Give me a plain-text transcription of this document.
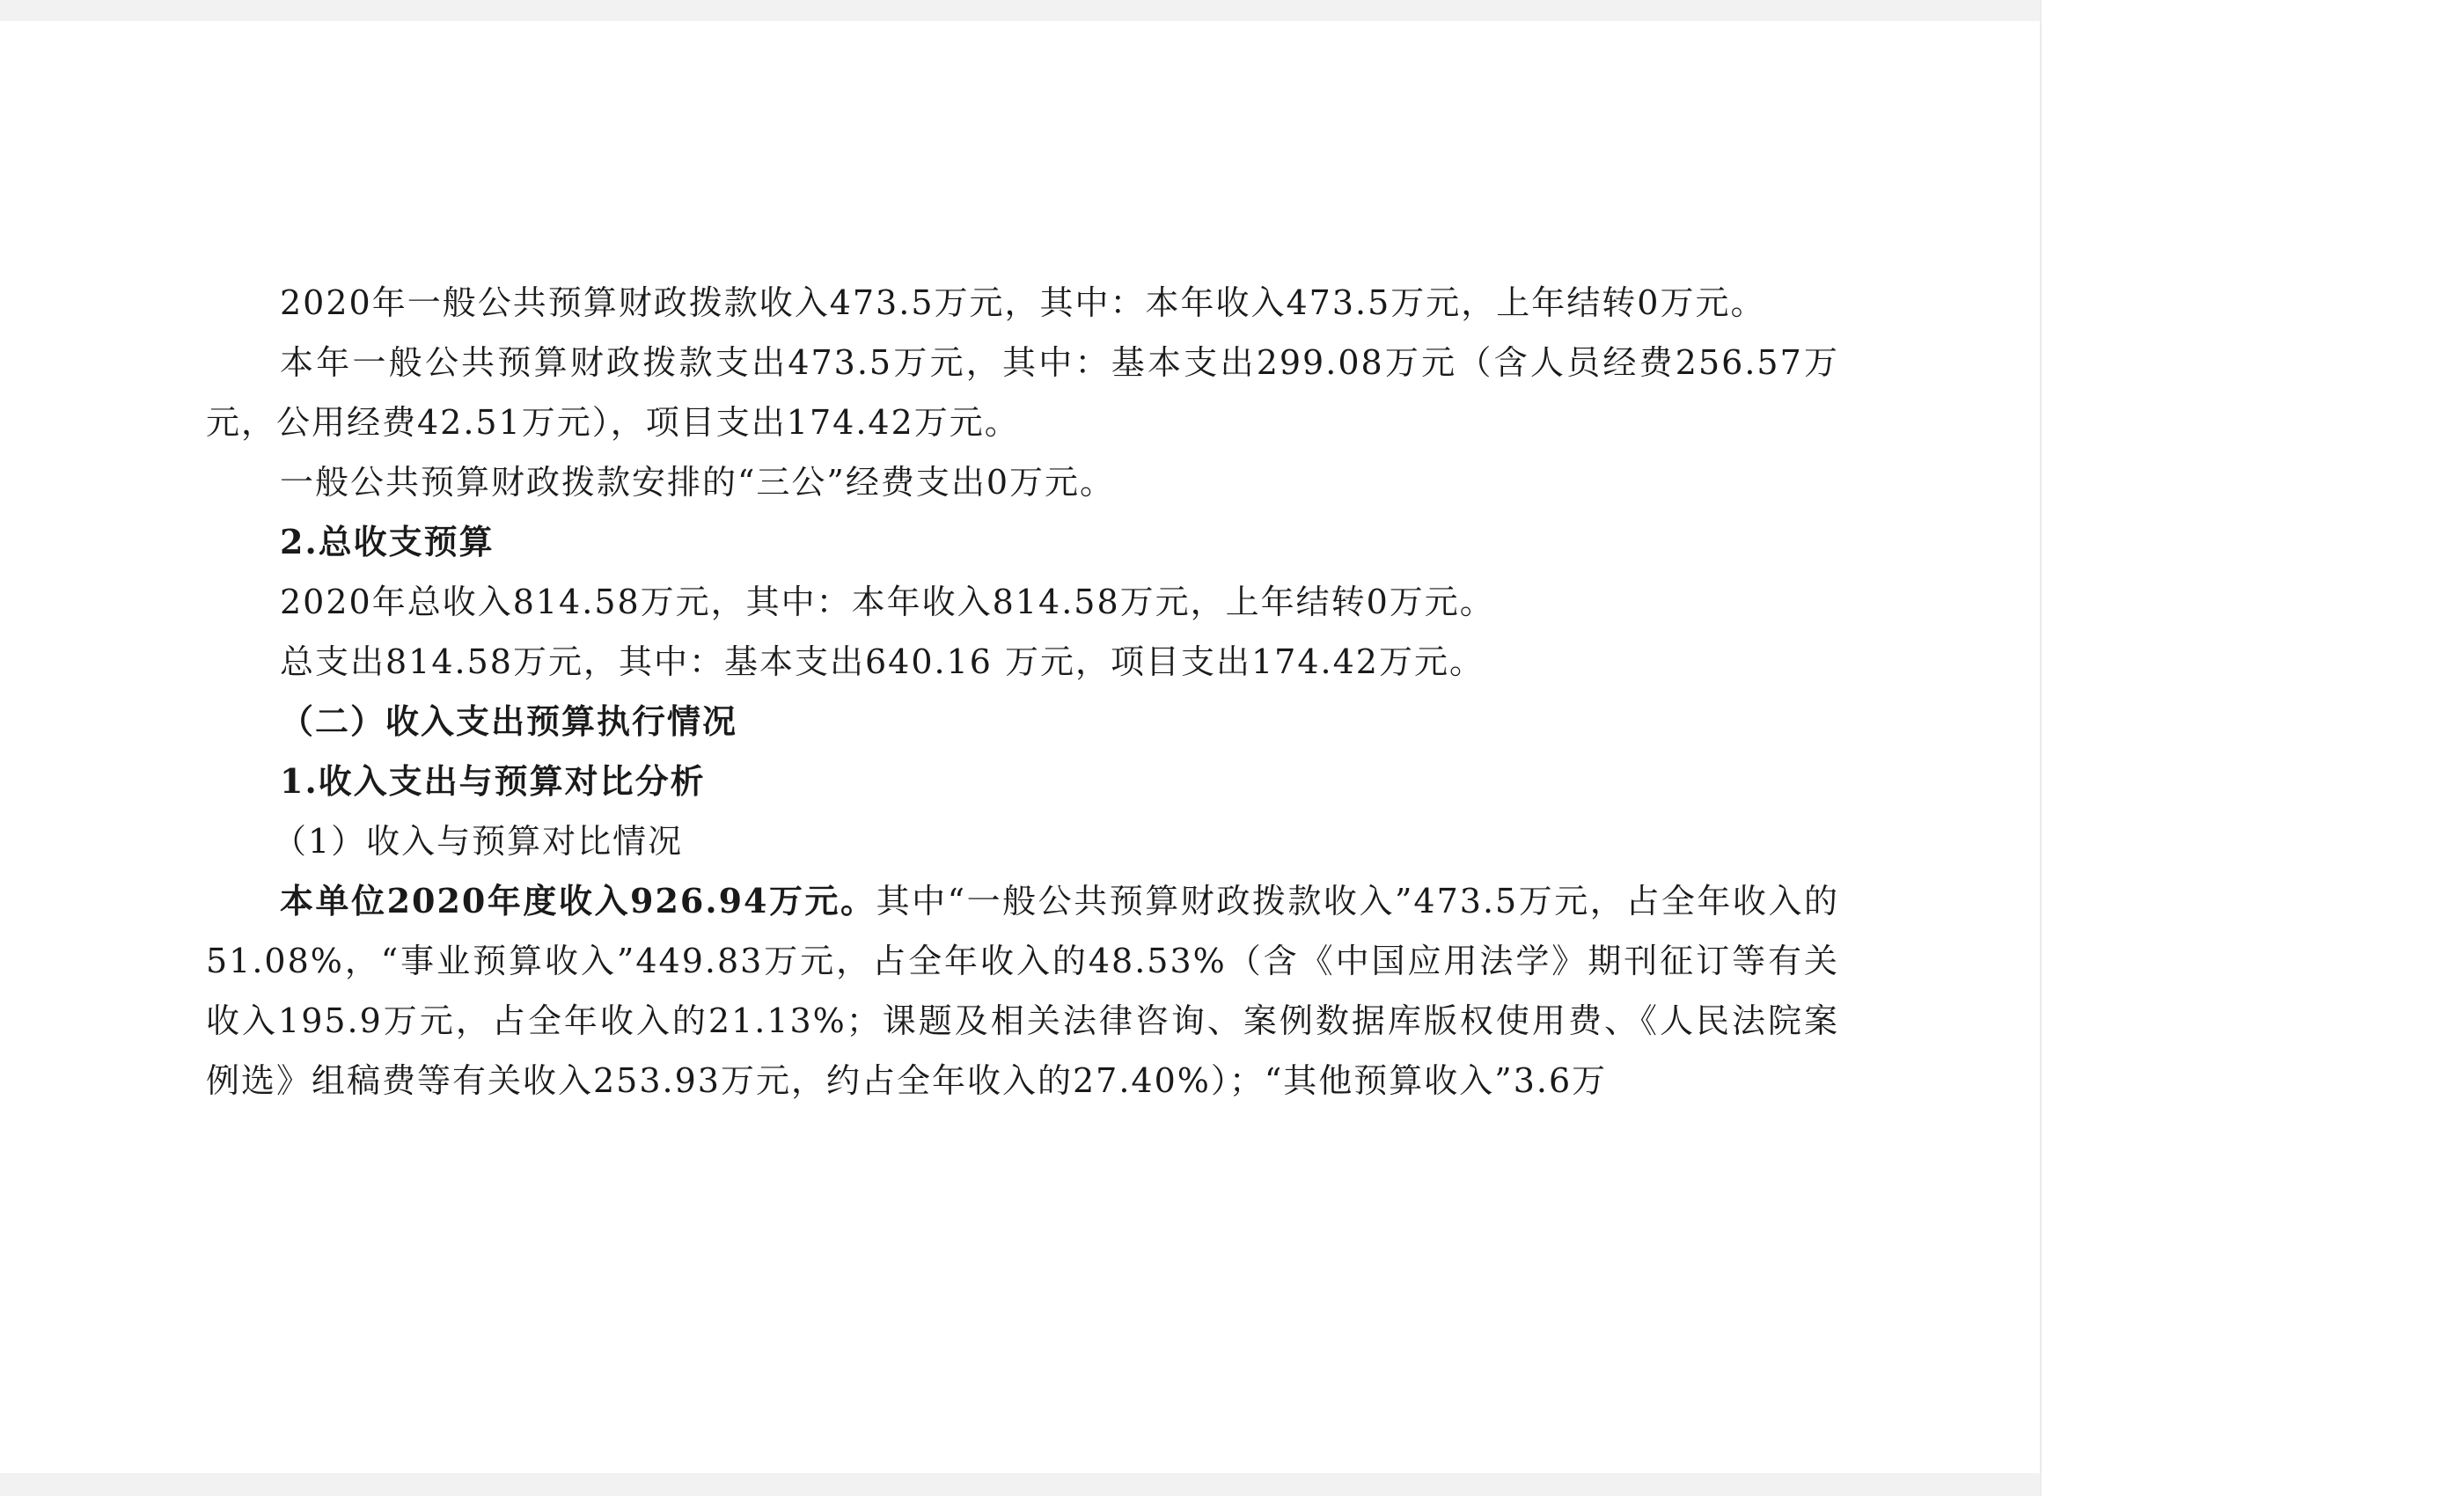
2020年一般公共预算财政拨款收入473.5万元，其中：本年收入473.5万元，上年结转0万元。

本年一般公共预算财政拨款支出473.5万元，其中：基本支出299.08万元（含人员经费256.57万元，公用经费42.51万元），项目支出174.42万元。

一般公共预算财政拨款安排的“三公”经费支出0万元。

2.总收支预算

2020年总收入814.58万元，其中：本年收入814.58万元，上年结转0万元。

总支出814.58万元，其中：基本支出640.16 万元，项目支出174.42万元。

（二）收入支出预算执行情况

1.收入支出与预算对比分析

（1）收入与预算对比情况

本单位2020年度收入926.94万元。其中“一般公共预算财政拨款收入”473.5万元，占全年收入的51.08%，“事业预算收入”449.83万元，占全年收入的48.53%（含《中国应用法学》期刊征订等有关收入195.9万元，占全年收入的21.13%；课题及相关法律咨询、案例数据库版权使用费、《人民法院案例选》组稿费等有关收入253.93万元，约占全年收入的27.40%）；“其他预算收入”3.6万
